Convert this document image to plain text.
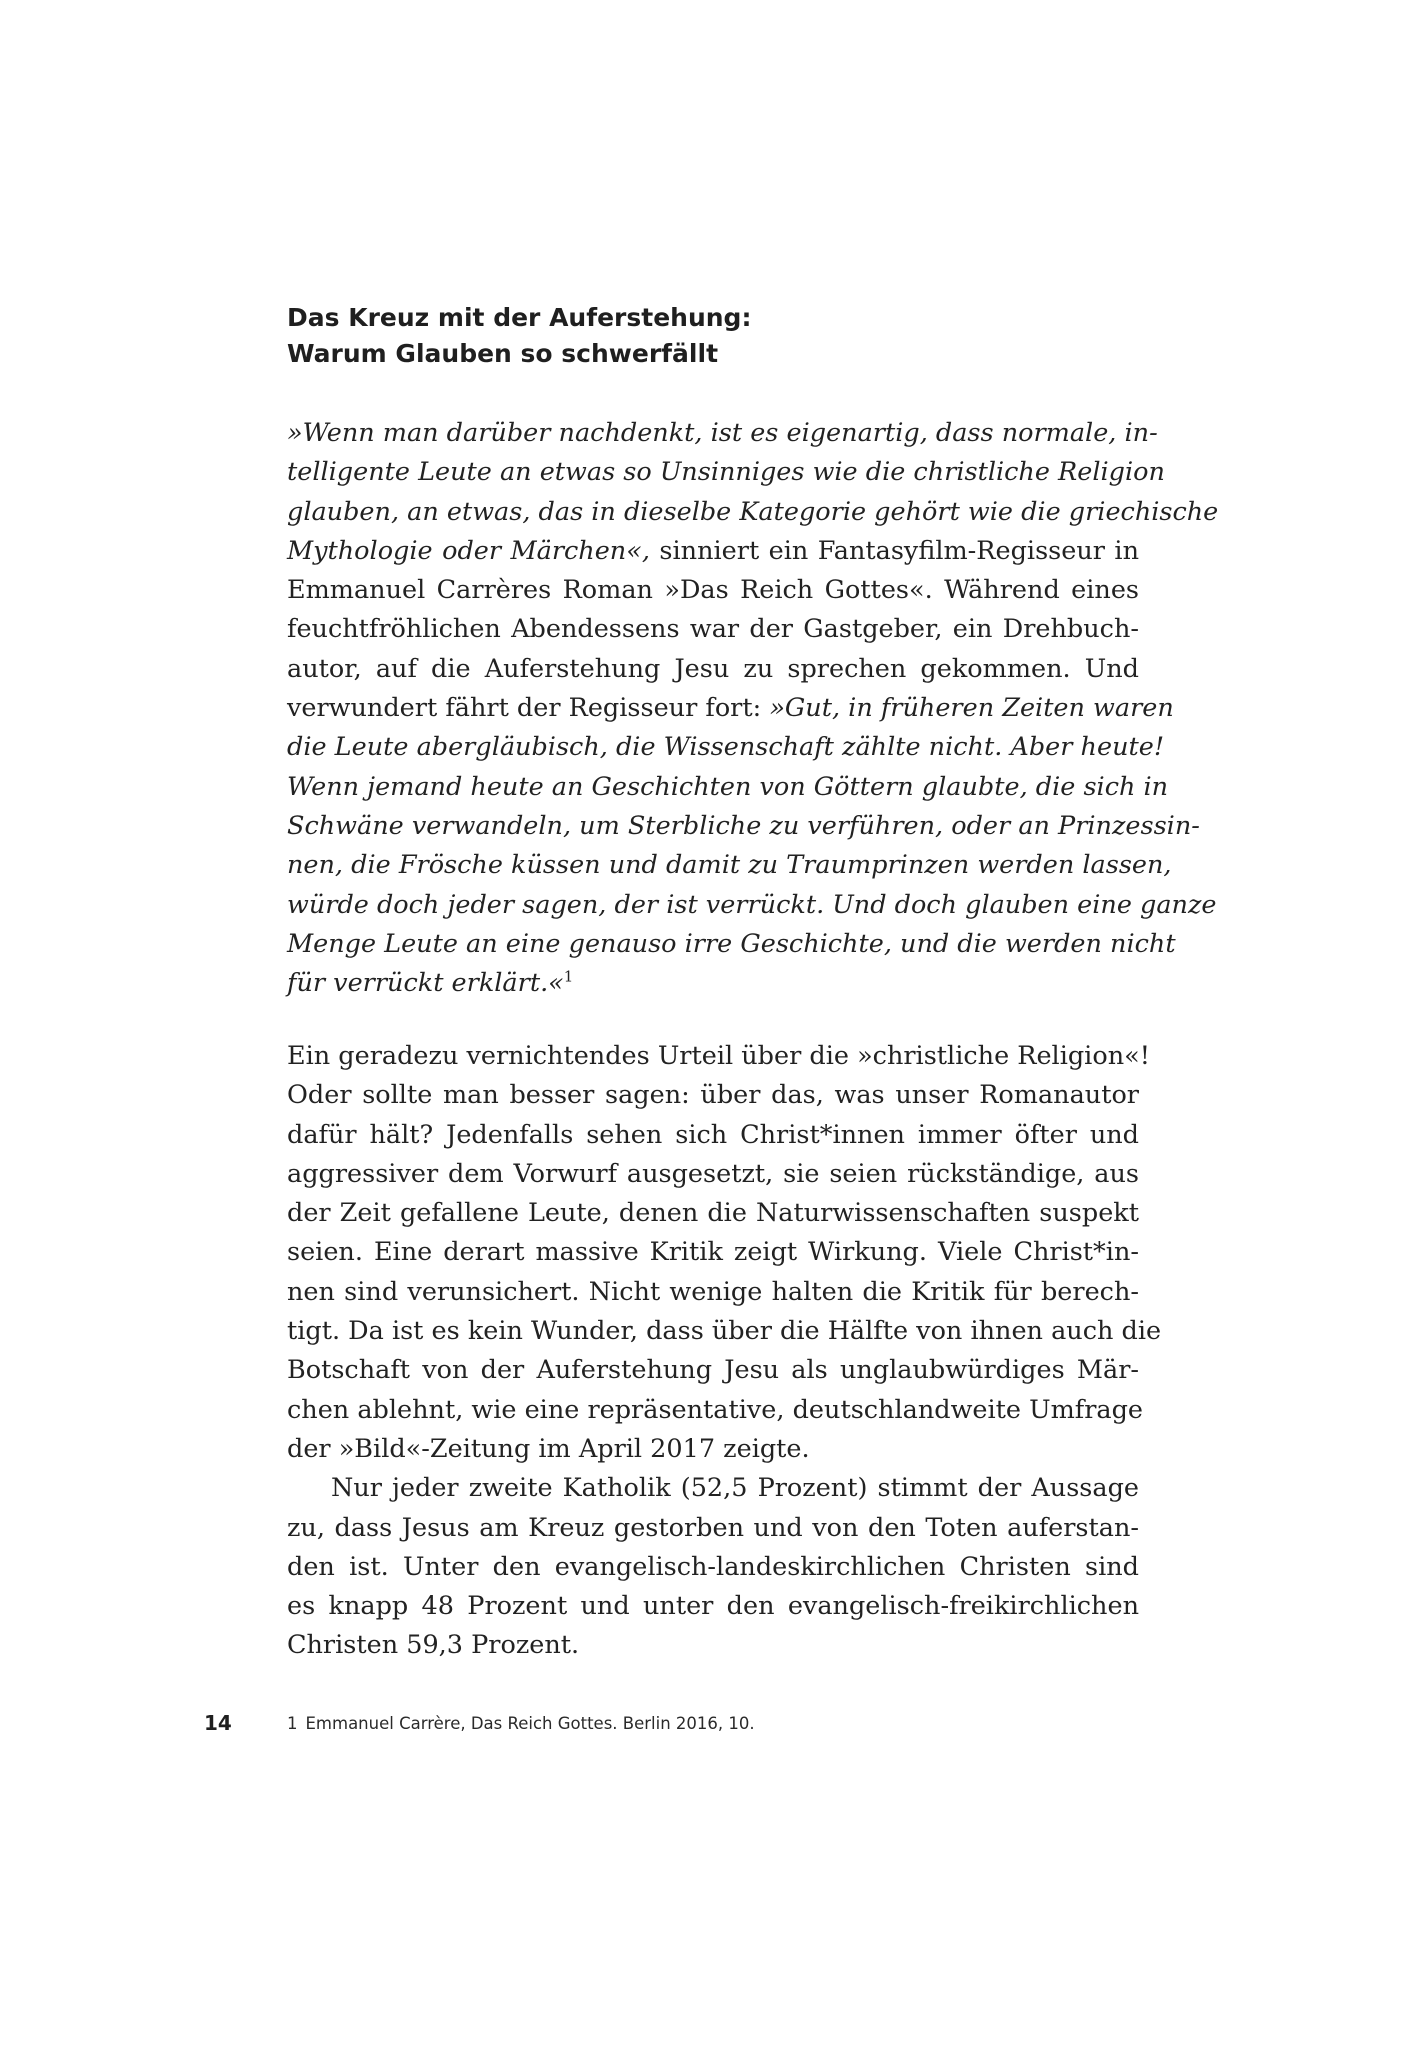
Das Kreuz mit der Auferstehung:
Warum Glauben so schwerfällt
»Wenn man darüber nachdenkt, ist es eigenartig, dass normale, in-
telligente Leute an etwas so Unsinniges wie die christliche Religion
glauben, an etwas, das in dieselbe Kategorie gehört wie die griechische
Mythologie oder Märchen«, sinniert ein Fantasyfilm-Regisseur in
Emmanuel Carrères Roman »Das Reich Gottes«. Während eines
feuchtfröhlichen Abendessens war der Gastgeber, ein Drehbuch-
autor, auf die Auferstehung Jesu zu sprechen gekommen. Und
verwundert fährt der Regisseur fort: »Gut, in früheren Zeiten waren
die Leute abergläubisch, die Wissenschaft zählte nicht. Aber heute!
Wenn jemand heute an Geschichten von Göttern glaubte, die sich in
Schwäne verwandeln, um Sterbliche zu verführen, oder an Prinzessin-
nen, die Frösche küssen und damit zu Traumprinzen werden lassen,
würde doch jeder sagen, der ist verrückt. Und doch glauben eine ganze
Menge Leute an eine genauso irre Geschichte, und die werden nicht
für verrückt erklärt.«$^1$
Ein geradezu vernichtendes Urteil über die »christliche Religion«!
Oder sollte man besser sagen: über das, was unser Romanautor
dafür hält? Jedenfalls sehen sich Christ*innen immer öfter und
aggressiver dem Vorwurf ausgesetzt, sie seien rückständige, aus
der Zeit gefallene Leute, denen die Naturwissenschaften suspekt
seien. Eine derart massive Kritik zeigt Wirkung. Viele Christ*in-
nen sind verunsichert. Nicht wenige halten die Kritik für berech-
tigt. Da ist es kein Wunder, dass über die Hälfte von ihnen auch die
Botschaft von der Auferstehung Jesu als unglaubwürdiges Mär-
chen ablehnt, wie eine repräsentative, deutschlandweite Umfrage
der »Bild«-Zeitung im April 2017 zeigte.
Nur jeder zweite Katholik (52,5 Prozent) stimmt der Aussage
zu, dass Jesus am Kreuz gestorben und von den Toten auferstan-
den ist. Unter den evangelisch-landeskirchlichen Christen sind
es knapp 48 Prozent und unter den evangelisch-freikirchlichen
Christen 59,3 Prozent.
14	1 Emmanuel Carrère, Das Reich Gottes. Berlin 2016, 10.
